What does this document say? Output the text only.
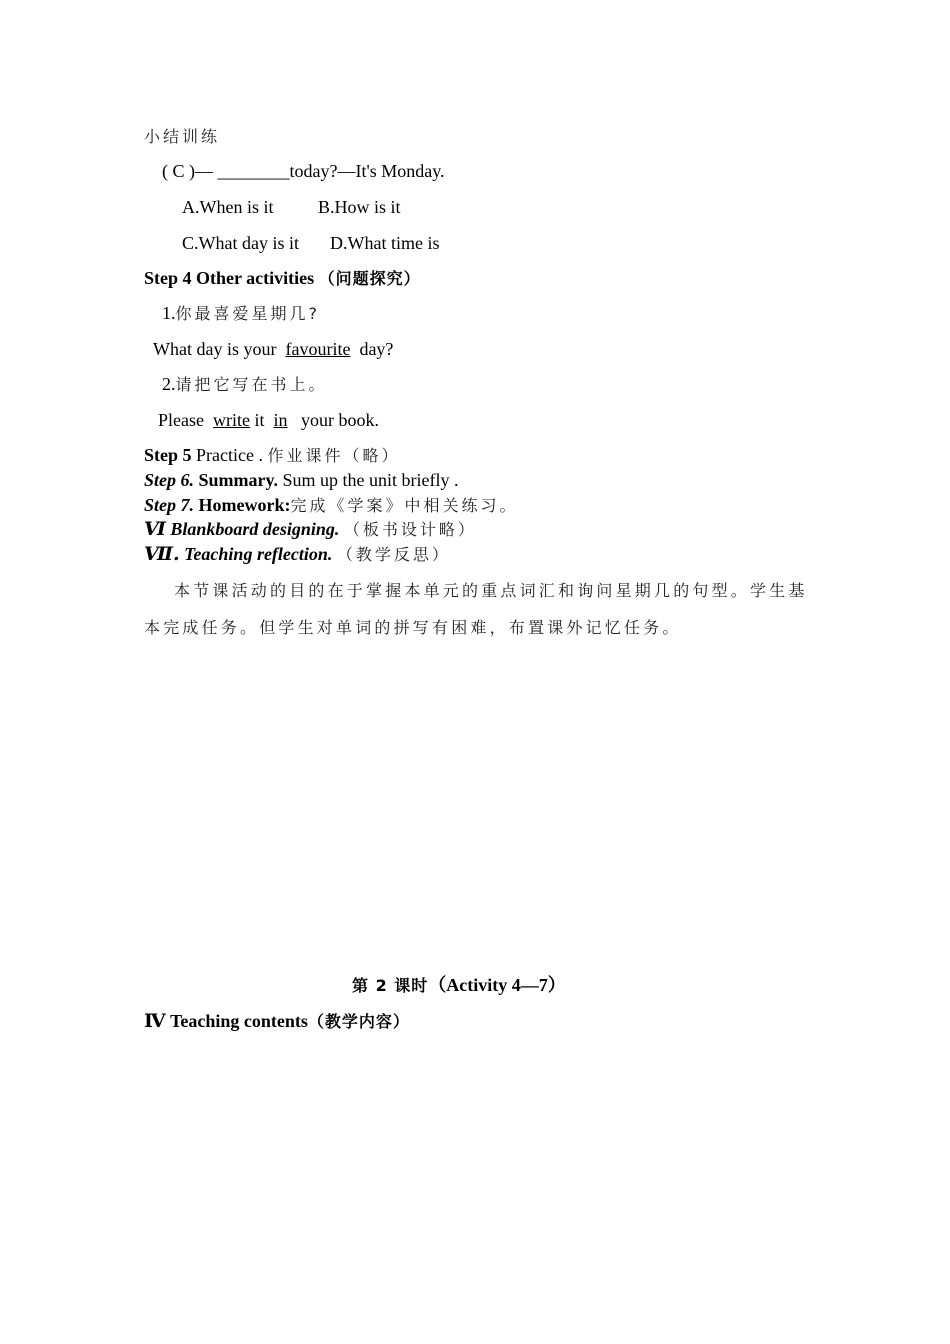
小结训练
( C )— ________today?—It's Monday.
A.When is it B.How is it
C.What day is it D.What time is
Step 4 Other activities （问题探究）
1.你最喜爱星期几?
What day is your favourite day?
2.请把它写在书上。
Please write it in your book.
Step 5 Practice . 作业课件（略）
Step 6. Summary. Sum up the unit briefly .
Step 7. Homework:完成《学案》中相关练习。
Ⅵ Blankboard designing. （板书设计略）
Ⅶ. Teaching reflection. （教学反思）
本节课活动的目的在于掌握本单元的重点词汇和询问星期几的句型。学生基
本完成任务。但学生对单词的拼写有困难，布置课外记忆任务。
第 2 课时（Activity 4—7）
Ⅳ Teaching contents（教学内容）
